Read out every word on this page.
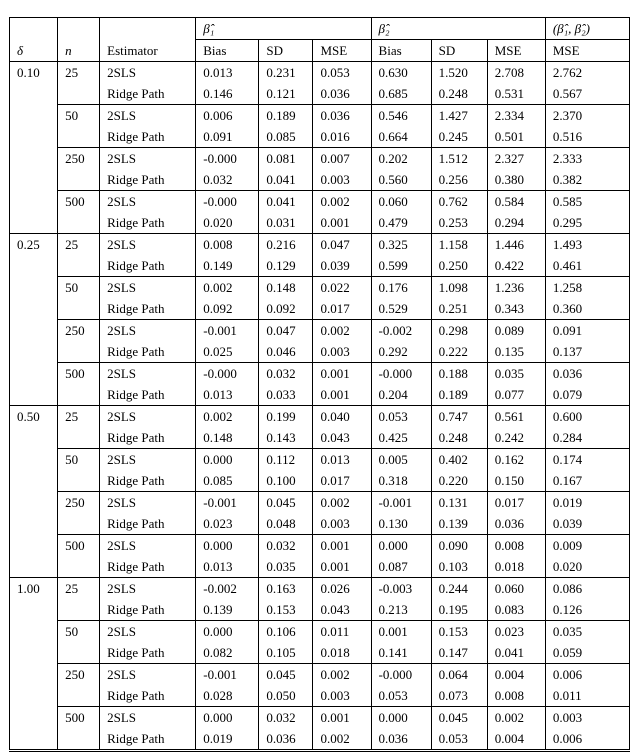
δ	n	Estimator	β̂₁			β̂₂			(β̂₁, β̂₂)
			Bias	SD	MSE	Bias	SD	MSE	MSE
0.10	25	2SLS	0.013	0.231	0.053	0.630	1.520	2.708	2.762
		Ridge Path	0.146	0.121	0.036	0.685	0.248	0.531	0.567
	50	2SLS	0.006	0.189	0.036	0.546	1.427	2.334	2.370
		Ridge Path	0.091	0.085	0.016	0.664	0.245	0.501	0.516
	250	2SLS	-0.000	0.081	0.007	0.202	1.512	2.327	2.333
		Ridge Path	0.032	0.041	0.003	0.560	0.256	0.380	0.382
	500	2SLS	-0.000	0.041	0.002	0.060	0.762	0.584	0.585
		Ridge Path	0.020	0.031	0.001	0.479	0.253	0.294	0.295
0.25	25	2SLS	0.008	0.216	0.047	0.325	1.158	1.446	1.493
		Ridge Path	0.149	0.129	0.039	0.599	0.250	0.422	0.461
	50	2SLS	0.002	0.148	0.022	0.176	1.098	1.236	1.258
		Ridge Path	0.092	0.092	0.017	0.529	0.251	0.343	0.360
	250	2SLS	-0.001	0.047	0.002	-0.002	0.298	0.089	0.091
		Ridge Path	0.025	0.046	0.003	0.292	0.222	0.135	0.137
	500	2SLS	-0.000	0.032	0.001	-0.000	0.188	0.035	0.036
		Ridge Path	0.013	0.033	0.001	0.204	0.189	0.077	0.079
0.50	25	2SLS	0.002	0.199	0.040	0.053	0.747	0.561	0.600
		Ridge Path	0.148	0.143	0.043	0.425	0.248	0.242	0.284
	50	2SLS	0.000	0.112	0.013	0.005	0.402	0.162	0.174
		Ridge Path	0.085	0.100	0.017	0.318	0.220	0.150	0.167
	250	2SLS	-0.001	0.045	0.002	-0.001	0.131	0.017	0.019
		Ridge Path	0.023	0.048	0.003	0.130	0.139	0.036	0.039
	500	2SLS	0.000	0.032	0.001	0.000	0.090	0.008	0.009
		Ridge Path	0.013	0.035	0.001	0.087	0.103	0.018	0.020
1.00	25	2SLS	-0.002	0.163	0.026	-0.003	0.244	0.060	0.086
		Ridge Path	0.139	0.153	0.043	0.213	0.195	0.083	0.126
	50	2SLS	0.000	0.106	0.011	0.001	0.153	0.023	0.035
		Ridge Path	0.082	0.105	0.018	0.141	0.147	0.041	0.059
	250	2SLS	-0.001	0.045	0.002	-0.000	0.064	0.004	0.006
		Ridge Path	0.028	0.050	0.003	0.053	0.073	0.008	0.011
	500	2SLS	0.000	0.032	0.001	0.000	0.045	0.002	0.003
		Ridge Path	0.019	0.036	0.002	0.036	0.053	0.004	0.006
